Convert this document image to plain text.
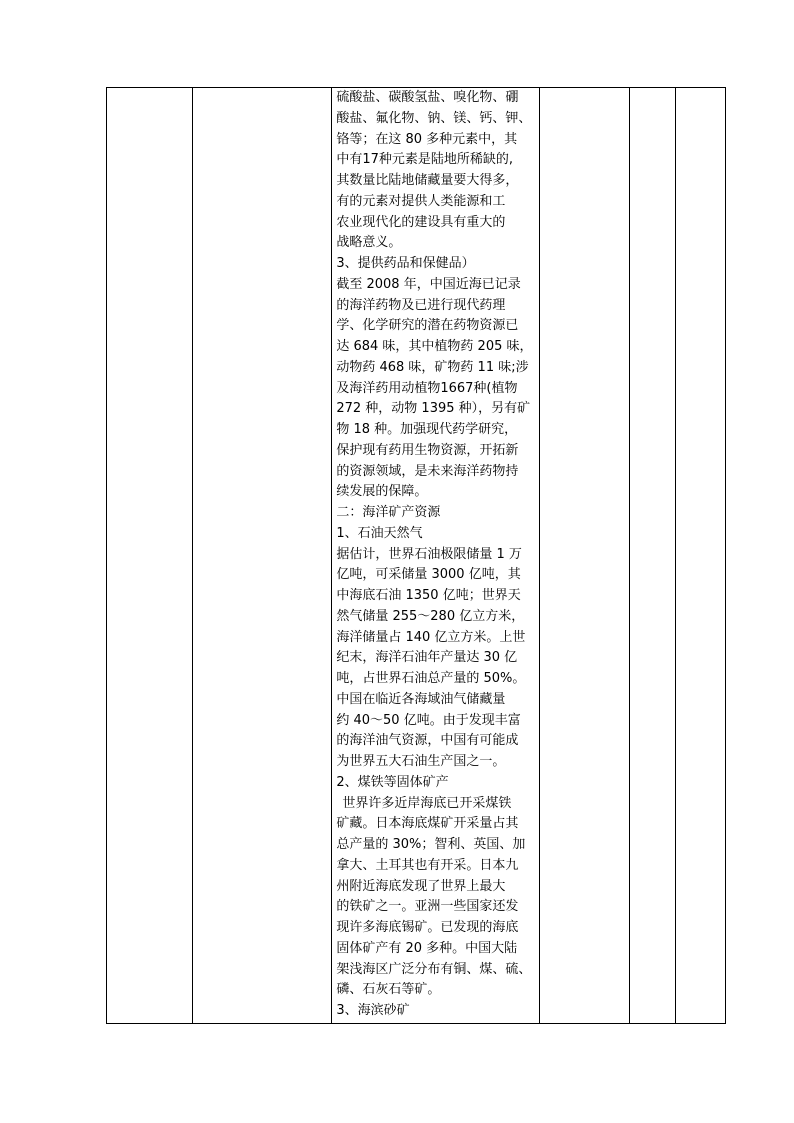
硫酸盐、碳酸氢盐、嗅化物、硼

酸盐、氟化物、钠、镁、钙、钾、

铬等；在这 80 多种元素中，其

中有17种元素是陆地所稀缺的,

其数量比陆地储藏量要大得多，

有的元素对提供人类能源和工

农业现代化的建设具有重大的

战略意义。

3、提供药品和保健品）

截至 2008 年，中国近海已记录

的海洋药物及已进行现代药理

学、化学研究的潜在药物资源已

达 684 味，其中植物药 205 味，

动物药 468 味，矿物药 11 味;涉

及海洋药用动植物1667种(植物

272 种，动物 1395 种），另有矿

物 18 种。加强现代药学研究，

保护现有药用生物资源，开拓新

的资源领域，是未来海洋药物持

续发展的保障。

二：海洋矿产资源

1、石油天然气

据估计，世界石油极限储量 1 万

亿吨，可采储量 3000 亿吨，其

中海底石油 1350 亿吨；世界天

然气储量 255～280 亿立方米，

海洋储量占 140 亿立方米。上世

纪末，海洋石油年产量达 30 亿

吨，占世界石油总产量的 50%。

中国在临近各海域油气储藏量

约 40～50 亿吨。由于发现丰富

的海洋油气资源，中国有可能成

为世界五大石油生产国之一。

2、煤铁等固体矿产

世界许多近岸海底已开采煤铁

矿藏。日本海底煤矿开采量占其

总产量的 30%；智利、英国、加

拿大、土耳其也有开采。日本九

州附近海底发现了世界上最大

的铁矿之一。亚洲一些国家还发

现许多海底锡矿。已发现的海底

固体矿产有 20 多种。中国大陆

架浅海区广泛分布有铜、煤、硫、

磷、石灰石等矿。

3、海滨砂矿
